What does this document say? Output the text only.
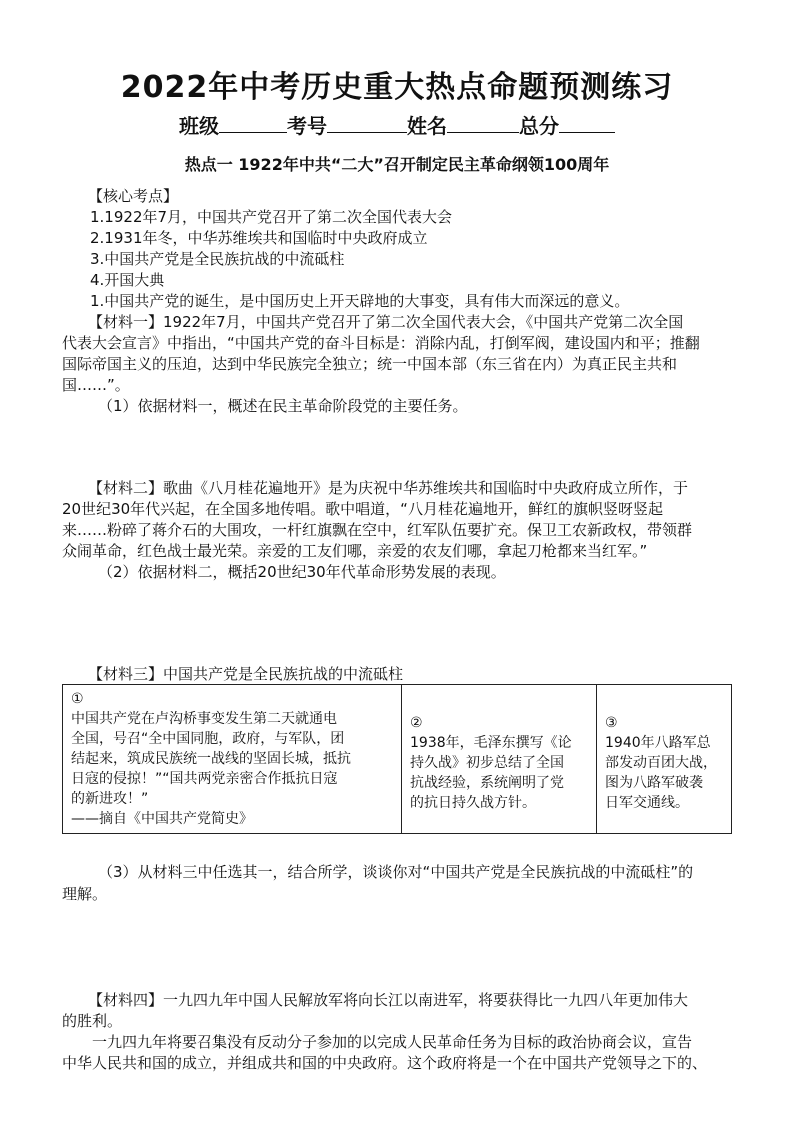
2022年中考历史重大热点命题预测练习
班级	考号	姓名	总分
热点一 1922年中共“二大”召开制定民主革命纲领100周年
【核心考点】
1.1922年7月，中国共产党召开了第二次全国代表大会
2.1931年冬，中华苏维埃共和国临时中央政府成立
3.中国共产党是全民族抗战的中流砥柱
4.开国大典
1.中国共产党的诞生，是中国历史上开天辟地的大事变，具有伟大而深远的意义。
【材料一】1922年7月，中国共产党召开了第二次全国代表大会，《中国共产党第二次全国
代表大会宣言》中指出，“中国共产党的奋斗目标是：消除内乱，打倒军阀，建设国内和平；推翻
国际帝国主义的压迫，达到中华民族完全独立；统一中国本部（东三省在内）为真正民主共和
国……”。
（1）依据材料一，概述在民主革命阶段党的主要任务。
【材料二】歌曲《八月桂花遍地开》是为庆祝中华苏维埃共和国临时中央政府成立所作，于
20世纪30年代兴起，在全国多地传唱。歌中唱道，“八月桂花遍地开，鲜红的旗帜竖呀竖起
来……粉碎了蒋介石的大围攻，一杆红旗飘在空中，红军队伍要扩充。保卫工农新政权，带领群
众闹革命，红色战士最光荣。亲爱的工友们哪，亲爱的农友们哪，拿起刀枪都来当红军。”
（2）依据材料二，概括20世纪30年代革命形势发展的表现。
【材料三】中国共产党是全民族抗战的中流砥柱
①
中国共产党在卢沟桥事变发生第二天就通电
全国，号召“全中国同胞，政府，与军队，团
结起来，筑成民族统一战线的坚固长城，抵抗
日寇的侵掠！”“国共两党亲密合作抵抗日寇
的新进攻！”
——摘自《中国共产党简史》

②
1938年，毛泽东撰写《论
持久战》初步总结了全国
抗战经验，系统阐明了党
的抗日持久战方针。

③
1940年八路军总
部发动百团大战，
图为八路军破袭
日军交通线。
（3）从材料三中任选其一，结合所学，谈谈你对“中国共产党是全民族抗战的中流砥柱”的
理解。
【材料四】一九四九年中国人民解放军将向长江以南进军，将要获得比一九四八年更加伟大
的胜利。
一九四九年将要召集没有反动分子参加的以完成人民革命任务为目标的政治协商会议，宣告
中华人民共和国的成立，并组成共和国的中央政府。这个政府将是一个在中国共产党领导之下的、
